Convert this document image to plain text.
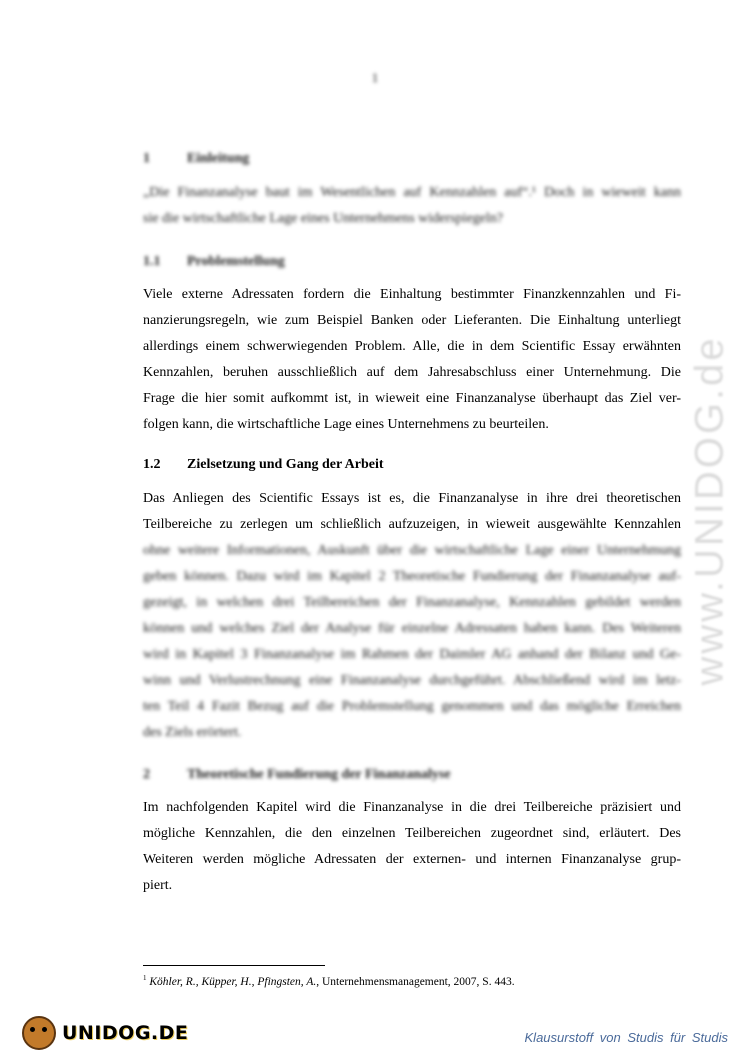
1
1	Einleitung
„Die Finanzanalyse baut im Wesentlichen auf Kennzahlen auf“.¹ Doch in wieweit kann
sie die wirtschaftliche Lage eines Unternehmens widerspiegeln?
1.1 Problemstellung
Viele externe Adressaten fordern die Einhaltung bestimmter Finanzkennzahlen und Fi-
nanzierungsregeln, wie zum Beispiel Banken oder Lieferanten. Die Einhaltung unterliegt
allerdings einem schwerwiegenden Problem. Alle, die in dem Scientific Essay erwähnten
Kennzahlen, beruhen ausschließlich auf dem Jahresabschluss einer Unternehmung. Die
Frage die hier somit aufkommt ist, in wieweit eine Finanzanalyse überhaupt das Ziel ver-
folgen kann, die wirtschaftliche Lage eines Unternehmens zu beurteilen.
1.2 Zielsetzung und Gang der Arbeit
Das Anliegen des Scientific Essays ist es, die Finanzanalyse in ihre drei theoretischen
Teilbereiche zu zerlegen um schließlich aufzuzeigen, in wieweit ausgewählte Kennzahlen
ohne weitere Informationen, Auskunft über die wirtschaftliche Lage einer Unternehmung
geben können. Dazu wird im Kapitel 2 Theoretische Fundierung der Finanzanalyse auf-
gezeigt, in welchen drei Teilbereichen der Finanzanalyse, Kennzahlen gebildet werden
können und welches Ziel der Analyse für einzelne Adressaten haben kann. Des Weiteren
wird in Kapitel 3 Finanzanalyse im Rahmen der Daimler AG anhand der Bilanz und Ge-
winn und Verlustrechnung eine Finanzanalyse durchgeführt. Abschließend wird im letz-
ten Teil 4 Fazit Bezug auf die Problemstellung genommen und das mögliche Erreichen
des Ziels erörtert.
2	Theoretische Fundierung der Finanzanalyse
Im nachfolgenden Kapitel wird die Finanzanalyse in die drei Teilbereiche präzisiert und
mögliche Kennzahlen, die den einzelnen Teilbereichen zugeordnet sind, erläutert. Des
Weiteren werden mögliche Adressaten der externen- und internen Finanzanalyse grup-
piert.
www.UNIDOG.de
$^1$ Köhler, R., Küpper, H., Pfingsten, A., Unternehmensmanagement, 2007, S. 443.
UNIDOG.DE	Klausurstoff von Studis für Studis
